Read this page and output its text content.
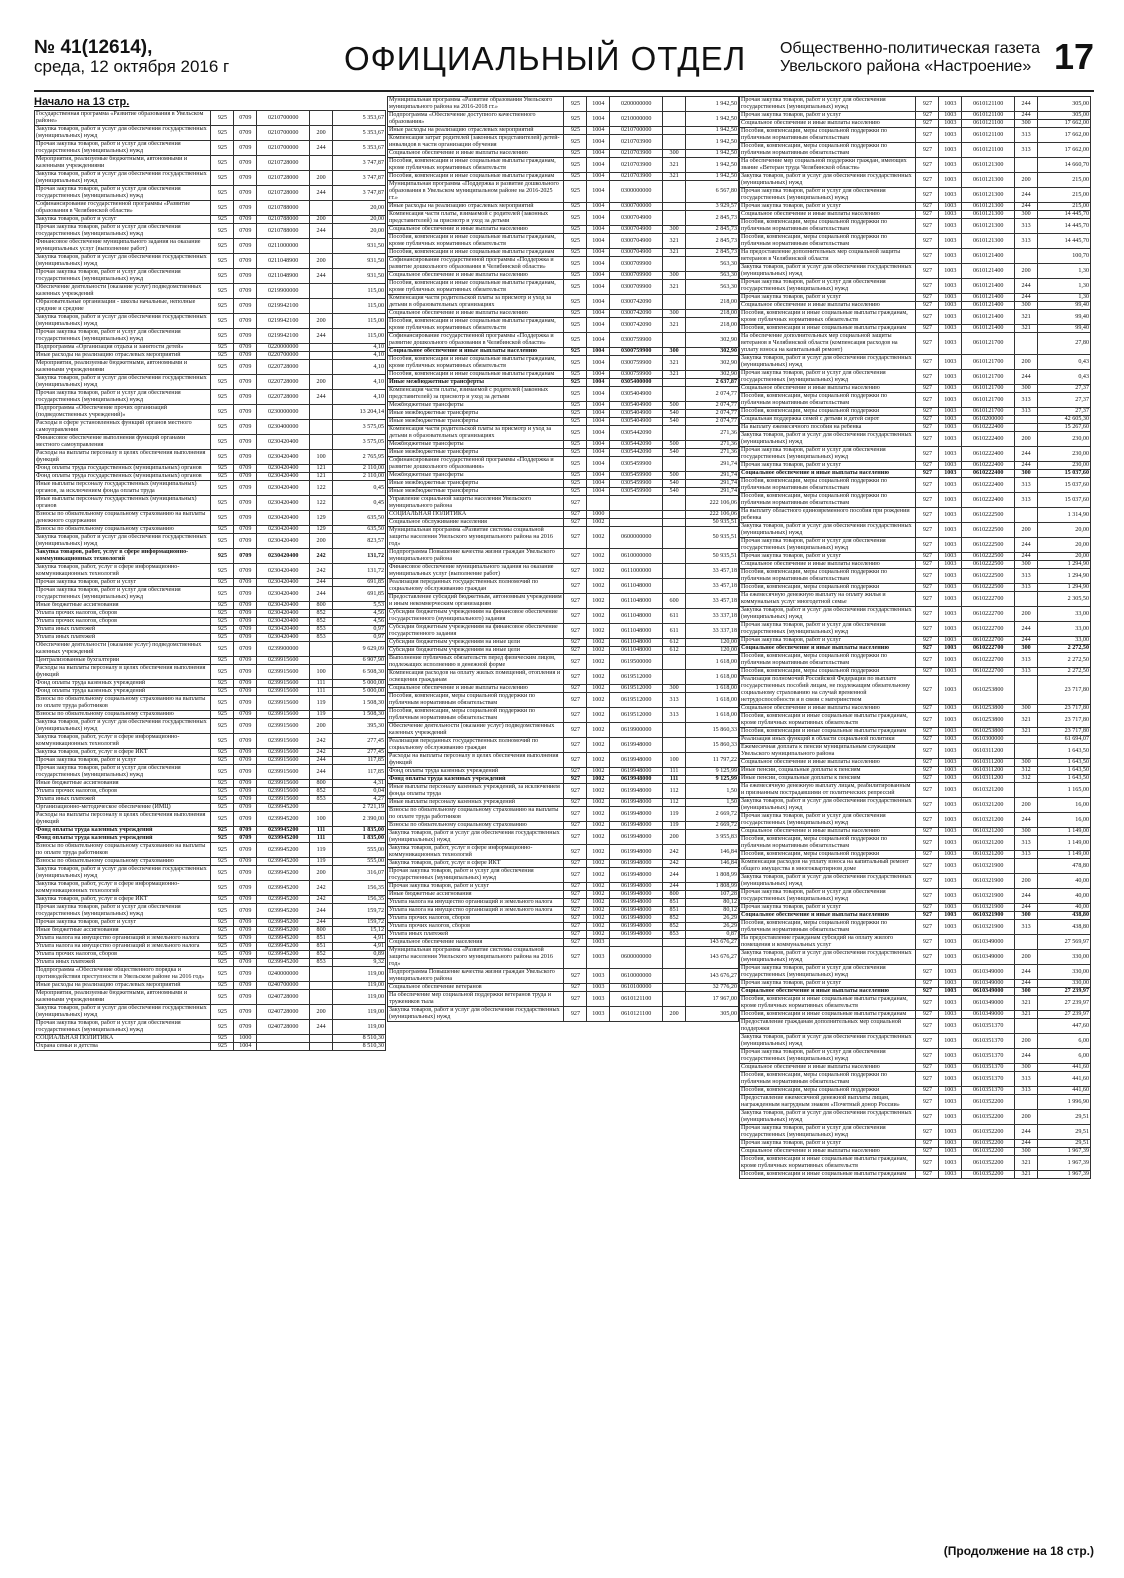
№ 41(12614),
среда, 12 октября 2016 г	ОФИЦИАЛЬНЫЙ ОТДЕЛ Общественно-политическая газета
Увельского района «Настроение» 17
Начало на 13 стр.
Государственная программа «Развитие образования в Увельском районе»	925	0709	0210700000		5 353,67
Закупка товаров, работ и услуг для обеспечения государственных (муниципальных) нужд	925	0709	0210700000	200	5 353,67
Прочая закупка товаров, работ и услуг для обеспечения государственных (муниципальных) нужд	925	0709	0210700000	244	5 353,67
Мероприятия, реализуемые бюджетными, автономными и казенными учреждениями	925	0709	0210728000		3 747,87
Закупка товаров, работ и услуг для обеспечения государственных (муниципальных) нужд	925	0709	0210728000	200	3 747,87
Прочая закупка товаров, работ и услуг для обеспечения государственных (муниципальных) нужд	925	0709	0210728000	244	3 747,87
Софинансирование государственной программы «Развитие образования в Челябинской области»	925	0709	0210788000		20,00
Закупка товаров, работ и услуг	925	0709	0210788000	200	20,00
Прочая закупка товаров, работ и услуг для обеспечения государственных (муниципальных) нужд	925	0709	0210788000	244	20,00
Финансовое обеспечение муниципального задания на оказание муниципальных услуг (выполнение работ)	925	0709	0211000000		931,50
Закупка товаров, работ и услуг для обеспечения государственных (муниципальных) нужд	925	0709	0211048900	200	931,50
Прочая закупка товаров, работ и услуг для обеспечения государственных (муниципальных) нужд	925	0709	0211048900	244	931,50
Обеспечение деятельности (оказание услуг) подведомственных казенных учреждений	925	0709	0219900000		115,00
Образовательные организации - школы начальные, неполные средние и средние	925	0709	0219942100		115,00
Закупка товаров, работ и услуг для обеспечения государственных (муниципальных) нужд	925	0709	0219942100	200	115,00
Прочая закупка товаров, работ и услуг для обеспечения государственных (муниципальных) нужд	925	0709	0219942100	244	115,00
Подпрограмма «Организация отдыха и занятости детей»	925	0709	0220000000		4,10
Иные расходы на реализацию отраслевых мероприятий	925	0709	0220700000		4,10
Мероприятия, реализуемые бюджетными, автономными и казенными учреждениями	925	0709	0220728000		4,10
Закупка товаров, работ и услуг для обеспечения государственных (муниципальных) нужд	925	0709	0220728000	200	4,10
Прочая закупка товаров, работ и услуг для обеспечения государственных (муниципальных) нужд	925	0709	0220728000	244	4,10
Подпрограмма «Обеспечение прочих организаций (подведомственных учреждений)»	925	0709	0230000000		13 204,14
Расходы в сфере установленных функций органов местного самоуправления	925	0709	0230400000		3 575,05
Финансовое обеспечение выполнения функций органами местного самоуправления	925	0709	0230420400		3 575,05
Расходы на выплаты персоналу в целях обеспечения выполнения функций	925	0709	0230420400	100	2 765,95
Фонд оплаты труда государственных (муниципальных) органов	925	0709	0230420400	121	2 110,00
Фонд оплаты труда государственных (муниципальных) органов	925	0709	0230420400	121	2 110,00
Иные выплаты персоналу государственных (муниципальных) органов, за исключением фонда оплаты труда	925	0709	0230420400	122	0,45
Иные выплаты персоналу государственных (муниципальных) органов	925	0709	0230420400	122	0,45
Взносы по обязательному социальному страхованию на выплаты денежного содержания	925	0709	0230420400	129	635,50
Взносы по обязательному социальному страхованию	925	0709	0230420400	129	635,50
Закупка товаров, работ и услуг для обеспечения государственных (муниципальных) нужд	925	0709	0230420400	200	823,57
Закупка товаров, работ, услуг в сфере информационно-коммуникационных технологий	925	0709	0230420400	242	131,72
Закупка товаров, работ, услуг в сфере информационно-коммуникационных технологий	925	0709	0230420400	242	131,72
Прочая закупка товаров, работ и услуг	925	0709	0230420400	244	691,85
Прочая закупка товаров, работ и услуг для обеспечения государственных (муниципальных) нужд	925	0709	0230420400	244	691,85
Иные бюджетные ассигнования	925	0709	0230420400	800	5,53
Уплата прочих налогов, сборов	925	0709	0230420400	852	4,56
Уплата прочих налогов, сборов	925	0709	0230420400	852	4,56
Уплата иных платежей	925	0709	0230420400	853	0,97
Уплата иных платежей	925	0709	0230420400	853	0,97
Обеспечение деятельности (оказание услуг) подведомственных казенных учреждений	925	0709	0239900000		9 629,09
Централизованные бухгалтерии	925	0709	0239915600		6 907,90
Расходы на выплаты персоналу в целях обеспечения выполнения функций	925	0709	0239915600	100	6 508,30
Фонд оплаты труда казенных учреждений	925	0709	0239915600	111	5 000,00
Фонд оплаты труда казенных учреждений	925	0709	0239915600	111	5 000,00
Взносы по обязательному социальному страхованию на выплаты по оплате труда работников	925	0709	0239915600	119	1 508,30
Взносы по обязательному социальному страхованию	925	0709	0239915600	119	1 508,30
Закупка товаров, работ и услуг для обеспечения государственных (муниципальных) нужд	925	0709	0239915600	200	395,30
Закупка товаров, работ, услуг в сфере информационно-коммуникационных технологий	925	0709	0239915600	242	277,45
Закупка товаров, работ, услуг в сфере ИКТ	925	0709	0239915600	242	277,45
Прочая закупка товаров, работ и услуг	925	0709	0239915600	244	117,85
Прочая закупка товаров, работ и услуг для обеспечения государственных (муниципальных) нужд	925	0709	0239915600	244	117,85
Иные бюджетные ассигнования	925	0709	0239915600	800	4,31
Уплата прочих налогов, сборов	925	0709	0239915600	852	0,04
Уплата иных платежей	925	0709	0239915600	853	4,27
Организационно-методическое обеспечение (ИМЦ)	925	0709	0239945200		2 721,19
Расходы на выплаты персоналу в целях обеспечения выполнения функций	925	0709	0239945200	100	2 390,00
Фонд оплаты труда казенных учреждений	925	0709	0239945200	111	1 835,00
Фонд оплаты труда казенных учреждений	925	0709	0239945200	111	1 835,00
Взносы по обязательному социальному страхованию на выплаты по оплате труда работников	925	0709	0239945200	119	555,00
Взносы по обязательному социальному страхованию	925	0709	0239945200	119	555,00
Закупка товаров, работ и услуг для обеспечения государственных (муниципальных) нужд	925	0709	0239945200	200	316,07
Закупка товаров, работ, услуг в сфере информационно-коммуникационных технологий	925	0709	0239945200	242	156,35
Закупка товаров, работ, услуг в сфере ИКТ	925	0709	0239945200	242	156,35
Прочая закупка товаров, работ и услуг для обеспечения государственных (муниципальных) нужд	925	0709	0239945200	244	159,72
Прочая закупка товаров, работ и услуг	925	0709	0239945200	244	159,72
Иные бюджетные ассигнования	925	0709	0239945200	800	15,12
Уплата налога на имущество организаций и земельного налога	925	0709	0239945200	851	4,91
Уплата налога на имущество организаций и земельного налога	925	0709	0239945200	851	4,91
Уплата прочих налогов, сборов	925	0709	0239945200	852	0,89
Уплата иных платежей	925	0709	0239945200	853	9,32
Подпрограмма «Обеспечение общественного порядка и противодействия преступности в Увельском районе на 2016 год»	925	0709	0240000000		119,00
Иные расходы на реализацию отраслевых мероприятий	925	0709	0240700000		119,00
Мероприятия, реализуемые бюджетными, автономными и казенными учреждениями	925	0709	0240728000		119,00
Закупка товаров, работ и услуг для обеспечения государственных (муниципальных) нужд	925	0709	0240728000	200	119,00
Прочая закупка товаров, работ и услуг для обеспечения государственных (муниципальных) нужд	925	0709	0240728000	244	119,00
СОЦИАЛЬНАЯ ПОЛИТИКА	925	1000			8 510,30
Охрана семьи и детства	925	1004			8 510,30
Муниципальная программа «Развитие образования Увельского муниципального района на 2016-2018 гг.»	925	1004	0200000000		1 942,50
Подпрограмма «Обеспечение доступного качественного образования»	925	1004	0210000000		1 942,50
Иные расходы на реализацию отраслевых мероприятий	925	1004	0210700000		1 942,50
Компенсация затрат родителей (законных представителей) детей-инвалидов в части организации обучения	925	1004	0210703900		1 942,50
Социальное обеспечение и иные выплаты населению	925	1004	0210703900	300	1 942,50
Пособия, компенсации и иные социальные выплаты гражданам, кроме публичных нормативных обязательств	925	1004	0210703900	321	1 942,50
Пособия, компенсации и иные социальные выплаты гражданам	925	1004	0210703900	321	1 942,50
Муниципальная программа «Поддержка и развитие дошкольного образования в Увельском муниципальном районе на 2016-2025 гг.»	925	1004	0300000000		6 567,80
Иные расходы на реализацию отраслевых мероприятий	925	1004	0300700000		3 929,57
Компенсация части платы, взимаемой с родителей (законных представителей) за присмотр и уход за детьми	925	1004	0300704900		2 845,73
Социальное обеспечение и иные выплаты населению	925	1004	0300704900	300	2 845,73
Пособия, компенсации и иные социальные выплаты гражданам, кроме публичных нормативных обязательств	925	1004	0300704900	321	2 845,73
Пособия, компенсации и иные социальные выплаты гражданам	925	1004	0300704900	321	2 845,73
Софинансирование государственной программы «Поддержка и развитие дошкольного образования в Челябинской области»	925	1004	0300709900		563,30
Социальное обеспечение и иные выплаты населению	925	1004	0300709900	300	563,30
Пособия, компенсации и иные социальные выплаты гражданам, кроме публичных нормативных обязательств	925	1004	0300709900	321	563,30
Компенсация части родительской платы за присмотр и уход за детьми в образовательных организациях	925	1004	0300742090		218,00
Социальное обеспечение и иные выплаты населению	925	1004	0300742090	300	218,00
Пособия, компенсации и иные социальные выплаты гражданам, кроме публичных нормативных обязательств	925	1004	0300742090	321	218,00
Софинансирование государственной программы «Поддержка и развитие дошкольного образования в Челябинской области»	925	1004	0300759900		302,90
Социальное обеспечение и иные выплаты населению	925	1004	0300759900	300	302,90
Пособия, компенсации и иные социальные выплаты гражданам, кроме публичных нормативных обязательств	925	1004	0300759900	321	302,90
Пособия, компенсации и иные социальные выплаты гражданам	925	1004	0300759900	321	302,90
Иные межбюджетные трансферты	925	1004	0305400000		2 637,87
Компенсация части платы, взимаемой с родителей (законных представителей) за присмотр и уход за детьми	925	1004	0305404900		2 074,77
Межбюджетные трансферты	925	1004	0305404900	500	2 074,77
Иные межбюджетные трансферты	925	1004	0305404900	540	2 074,77
Иные межбюджетные трансферты	925	1004	0305404900	540	2 074,77
Компенсация части родительской платы за присмотр и уход за детьми в образовательных организациях	925	1004	0305442090		271,36
Межбюджетные трансферты	925	1004	0305442090	500	271,36
Иные межбюджетные трансферты	925	1004	0305442090	540	271,36
Софинансирование государственной программы «Поддержка и развитие дошкольного образования»	925	1004	0305459900		291,74
Межбюджетные трансферты	925	1004	0305459900	500	291,74
Иные межбюджетные трансферты	925	1004	0305459900	540	291,74
Иные межбюджетные трансферты	925	1004	0305459900	540	291,74
Управление социальной защиты населения Увельского муниципального района	927				222 106,06
СОЦИАЛЬНАЯ ПОЛИТИКА	927	1000			222 106,06
Социальное обслуживание населения	927	1002			50 935,51
Муниципальная программа «Развитие системы социальной защиты населения Увельского муниципального района на 2016 год»	927	1002	0600000000		50 935,51
Подпрограмма Повышение качества жизни граждан Увельского муниципального района	927	1002	0610000000		50 935,51
Финансовое обеспечение муниципального задания на оказание муниципальных услуг (выполнение работ)	927	1002	0611000000		33 457,18
Реализация переданных государственных полномочий по социальному обслуживанию граждан	927	1002	0611048000		33 457,18
Предоставление субсидий бюджетным, автономным учреждениям и иным некоммерческим организациям	927	1002	0611048000	600	33 457,18
Субсидии бюджетным учреждениям на финансовое обеспечение государственного (муниципального) задания	927	1002	0611048000	611	33 337,18
Субсидии бюджетным учреждениям на финансовое обеспечение государственного задания	927	1002	0611048000	611	33 337,18
Субсидии бюджетным учреждениям на иные цели	927	1002	0611048000	612	120,00
Субсидии бюджетным учреждениям на иные цели	927	1002	0611048000	612	120,00
Выполнение публичных обязательств перед физическим лицом, подлежащих исполнению в денежной форме	927	1002	0619500000		1 618,00
Компенсация расходов на оплату жилых помещений, отопления и освещения гражданам	927	1002	0619512000		1 618,00
Социальное обеспечение и иные выплаты населению	927	1002	0619512000	300	1 618,00
Пособия, компенсации, меры социальной поддержки по публичным нормативным обязательствам	927	1002	0619512000	313	1 618,00
Пособия, компенсации, меры социальной поддержки по публичным нормативным обязательствам	927	1002	0619512000	313	1 618,00
Обеспечение деятельности (оказание услуг) подведомственных казенных учреждений	927	1002	0619900000		15 860,33
Реализация переданных государственных полномочий по социальному обслуживанию граждан	927	1002	0619948000		15 860,33
Расходы на выплаты персоналу в целях обеспечения выполнения функций	927	1002	0619948000	100	11 797,22
Фонд оплаты труда казенных учреждений	927	1002	0619948000	111	9 125,99
Фонд оплаты труда казенных учреждений	927	1002	0619948000	111	9 125,99
Иные выплаты персоналу казенных учреждений, за исключением фонда оплаты труда	927	1002	0619948000	112	1,50
Иные выплаты персоналу казенных учреждений	927	1002	0619948000	112	1,50
Взносы по обязательному социальному страхованию на выплаты по оплате труда работников	927	1002	0619948000	119	2 669,72
Взносы по обязательному социальному страхованию	927	1002	0619948000	119	2 669,72
Закупка товаров, работ и услуг для обеспечения государственных (муниципальных) нужд	927	1002	0619948000	200	3 955,83
Закупка товаров, работ, услуг в сфере информационно-коммуникационных технологий	927	1002	0619948000	242	146,84
Закупка товаров, работ, услуг в сфере ИКТ	927	1002	0619948000	242	146,84
Прочая закупка товаров, работ и услуг для обеспечения государственных (муниципальных) нужд	927	1002	0619948000	244	1 808,99
Прочая закупка товаров, работ и услуг	927	1002	0619948000	244	1 808,99
Иные бюджетные ассигнования	927	1002	0619948000	800	107,28
Уплата налога на имущество организаций и земельного налога	927	1002	0619948000	851	80,12
Уплата налога на имущество организаций и земельного налога	927	1002	0619948000	851	80,12
Уплата прочих налогов, сборов	927	1002	0619948000	852	26,29
Уплата прочих налогов, сборов	927	1002	0619948000	852	26,29
Уплата иных платежей	927	1002	0619948000	853	0,87
Социальное обеспечение населения	927	1003			143 676,27
Муниципальная программа «Развитие системы социальной защиты населения Увельского муниципального района на 2016 год»	927	1003	0600000000		143 676,27
Подпрограмма Повышение качества жизни граждан Увельского муниципального района	927	1003	0610000000		143 676,27
Социальное обеспечение ветеранов	927	1003	0610100000		32 776,20
На обеспечение мер социальной поддержки ветеранов труда и тружеников тыла	927	1003	0610121100		17 967,00
Закупка товаров, работ и услуг для обеспечения государственных (муниципальных) нужд	927	1003	0610121100	200	305,00
Прочая закупка товаров, работ и услуг для обеспечения государственных (муниципальных) нужд	927	1003	0610121100	244	305,00
Прочая закупка товаров, работ и услуг	927	1003	0610121100	244	305,00
Социальное обеспечение и иные выплаты населению	927	1003	0610121100	300	17 662,00
Пособия, компенсации, меры социальной поддержки по публичным нормативным обязательствам	927	1003	0610121100	313	17 662,00
Пособия, компенсации, меры социальной поддержки по публичным нормативным обязательствам	927	1003	0610121100	313	17 662,00
На обеспечение мер социальной поддержки граждан, имеющих звание «Ветеран труда Челябинской области»	927	1003	0610121300		14 660,70
Закупка товаров, работ и услуг для обеспечения государственных (муниципальных) нужд	927	1003	0610121300	200	215,00
Прочая закупка товаров, работ и услуг для обеспечения государственных (муниципальных) нужд	927	1003	0610121300	244	215,00
Прочая закупка товаров, работ и услуг	927	1003	0610121300	244	215,00
Социальное обеспечение и иные выплаты населению	927	1003	0610121300	300	14 445,70
Пособия, компенсации, меры социальной поддержки по публичным нормативным обязательствам	927	1003	0610121300	313	14 445,70
Пособия, компенсации, меры социальной поддержки по публичным нормативным обязательствам	927	1003	0610121300	313	14 445,70
На предоставление дополнительных мер социальной защиты ветеранов в Челябинской области	927	1003	0610121400		100,70
Закупка товаров, работ и услуг для обеспечения государственных (муниципальных) нужд	927	1003	0610121400	200	1,30
Прочая закупка товаров, работ и услуг для обеспечения государственных (муниципальных) нужд	927	1003	0610121400	244	1,30
Прочая закупка товаров, работ и услуг	927	1003	0610121400	244	1,30
Социальное обеспечение и иные выплаты населению	927	1003	0610121400	300	99,40
Пособия, компенсации и иные социальные выплаты гражданам, кроме публичных нормативных обязательств	927	1003	0610121400	321	99,40
Пособия, компенсации и иные социальные выплаты гражданам	927	1003	0610121400	321	99,40
На обеспечение дополнительных мер социальной защиты ветеранов в Челябинской области (компенсация расходов на уплату взноса на капитальный ремонт)	927	1003	0610121700		27,80
Закупка товаров, работ и услуг для обеспечения государственных (муниципальных) нужд	927	1003	0610121700	200	0,43
Прочая закупка товаров, работ и услуг для обеспечения государственных (муниципальных) нужд	927	1003	0610121700	244	0,43
Социальное обеспечение и иные выплаты населению	927	1003	0610121700	300	27,37
Пособия, компенсации, меры социальной поддержки по публичным нормативным обязательствам	927	1003	0610121700	313	27,37
Пособия, компенсации, меры социальной поддержки	927	1003	0610121700	313	27,37
Социальная поддержка семей с детьми и детей сирот	927	1003	0610200000		42 605,30
На выплату ежемесячного пособия на ребенка	927	1003	0610222400		15 267,60
Закупка товаров, работ и услуг для обеспечения государственных (муниципальных) нужд	927	1003	0610222400	200	230,00
Прочая закупка товаров, работ и услуг для обеспечения государственных (муниципальных) нужд	927	1003	0610222400	244	230,00
Прочая закупка товаров, работ и услуг	927	1003	0610222400	244	230,00
Социальное обеспечение и иные выплаты населению	927	1003	0610222400	300	15 037,60
Пособия, компенсации, меры социальной поддержки по публичным нормативным обязательствам	927	1003	0610222400	313	15 037,60
Пособия, компенсации, меры социальной поддержки по публичным нормативным обязательствам	927	1003	0610222400	313	15 037,60
На выплату областного единовременного пособия при рождении ребенка	927	1003	0610222500		1 314,90
Закупка товаров, работ и услуг для обеспечения государственных (муниципальных) нужд	927	1003	0610222500	200	20,00
Прочая закупка товаров, работ и услуг для обеспечения государственных (муниципальных) нужд	927	1003	0610222500	244	20,00
Прочая закупка товаров, работ и услуг	927	1003	0610222500	244	20,00
Социальное обеспечение и иные выплаты населению	927	1003	0610222500	300	1 294,90
Пособия, компенсации, меры социальной поддержки по публичным нормативным обязательствам	927	1003	0610222500	313	1 294,90
Пособия, компенсации, меры социальной поддержки	927	1003	0610222500	313	1 294,90
На ежемесячную денежную выплату на оплату жилья и коммунальных услуг многодетной семье	927	1003	0610222700		2 305,50
Закупка товаров, работ и услуг для обеспечения государственных (муниципальных) нужд	927	1003	0610222700	200	33,00
Прочая закупка товаров, работ и услуг для обеспечения государственных (муниципальных) нужд	927	1003	0610222700	244	33,00
Прочая закупка товаров, работ и услуг	927	1003	0610222700	244	33,00
Социальное обеспечение и иные выплаты населению	927	1003	0610222700	300	2 272,50
Пособия, компенсации, меры социальной поддержки по публичным нормативным обязательствам	927	1003	0610222700	313	2 272,50
Пособия, компенсации, меры социальной поддержки	927	1003	0610222700	313	2 272,50
Реализация полномочий Российской Федерации по выплате государственных пособий лицам, не подлежащим обязательному социальному страхованию на случай временной нетрудоспособности и в связи с материнством	927	1003	0610253800		23 717,80
Социальное обеспечение и иные выплаты населению	927	1003	0610253800	300	23 717,80
Пособия, компенсации и иные социальные выплаты гражданам, кроме публичных нормативных обязательств	927	1003	0610253800	321	23 717,80
Пособия, компенсации и иные социальные выплаты гражданам	927	1003	0610253800	321	23 717,80
Реализация иных функций в области социальной политики	927	1003	0610300000		61 694,07
Ежемесячная доплата к пенсии муниципальным служащим Увельского муниципального района	927	1003	0610311200		1 643,50
Социальное обеспечение и иные выплаты населению	927	1003	0610311200	300	1 643,50
Иные пенсии, социальные доплаты к пенсиям	927	1003	0610311200	312	1 643,50
Иные пенсии, социальные доплаты к пенсиям	927	1003	0610311200	312	1 643,50
На ежемесячную денежную выплату лицам, реабилитированным и признанным пострадавшими от политических репрессий	927	1003	0610321200		1 165,00
Закупка товаров, работ и услуг для обеспечения государственных (муниципальных) нужд	927	1003	0610321200	200	16,00
Прочая закупка товаров, работ и услуг для обеспечения государственных (муниципальных) нужд	927	1003	0610321200	244	16,00
Социальное обеспечение и иные выплаты населению	927	1003	0610321200	300	1 149,00
Пособия, компенсации, меры социальной поддержки по публичным нормативным обязательствам	927	1003	0610321200	313	1 149,00
Пособия, компенсации, меры социальной поддержки	927	1003	0610321200	313	1 149,00
Компенсация расходов на уплату взноса на капитальный ремонт общего имущества в многоквартирном доме	927	1003	0610321900		478,80
Закупка товаров, работ и услуг для обеспечения государственных (муниципальных) нужд	927	1003	0610321900	200	40,00
Прочая закупка товаров, работ и услуг для обеспечения государственных (муниципальных) нужд	927	1003	0610321900	244	40,00
Прочая закупка товаров, работ и услуг	927	1003	0610321900	244	40,00
Социальное обеспечение и иные выплаты населению	927	1003	0610321900	300	438,80
Пособия, компенсации, меры социальной поддержки по публичным нормативным обязательствам	927	1003	0610321900	313	438,80
На предоставление гражданам субсидий на оплату жилого помещения и коммунальных услуг	927	1003	0610349000		27 569,97
Закупка товаров, работ и услуг для обеспечения государственных (муниципальных) нужд	927	1003	0610349000	200	330,00
Прочая закупка товаров, работ и услуг для обеспечения государственных (муниципальных) нужд	927	1003	0610349000	244	330,00
Прочая закупка товаров, работ и услуг	927	1003	0610349000	244	330,00
Социальное обеспечение и иные выплаты населению	927	1003	0610349000	300	27 239,97
Пособия, компенсации и иные социальные выплаты гражданам, кроме публичных нормативных обязательств	927	1003	0610349000	321	27 239,97
Пособия, компенсации и иные социальные выплаты гражданам	927	1003	0610349000	321	27 239,97
Предоставление гражданам дополнительных мер социальной поддержки	927	1003	0610351370		447,60
Закупка товаров, работ и услуг для обеспечения государственных (муниципальных) нужд	927	1003	0610351370	200	6,00
Прочая закупка товаров, работ и услуг для обеспечения государственных (муниципальных) нужд	927	1003	0610351370	244	6,00
Социальное обеспечение и иные выплаты населению	927	1003	0610351370	300	441,60
Пособия, компенсации, меры социальной поддержки по публичным нормативным обязательствам	927	1003	0610351370	313	441,60
Пособия, компенсации, меры социальной поддержки	927	1003	0610351370	313	441,60
Предоставление ежемесячной денежной выплаты лицам, награжденным нагрудным знаком «Почетный донор России»	927	1003	0610352200		1 996,90
Закупка товаров, работ и услуг для обеспечения государственных (муниципальных) нужд	927	1003	0610352200	200	29,51
Прочая закупка товаров, работ и услуг для обеспечения государственных (муниципальных) нужд	927	1003	0610352200	244	29,51
Прочая закупка товаров, работ и услуг	927	1003	0610352200	244	29,51
Социальное обеспечение и иные выплаты населению	927	1003	0610352200	300	1 967,39
Пособия, компенсации и иные социальные выплаты гражданам, кроме публичных нормативных обязательств	927	1003	0610352200	321	1 967,39
Пособия, компенсации и иные социальные выплаты гражданам	927	1003	0610352200	321	1 967,39
(Продолжение на 18 стр.)
